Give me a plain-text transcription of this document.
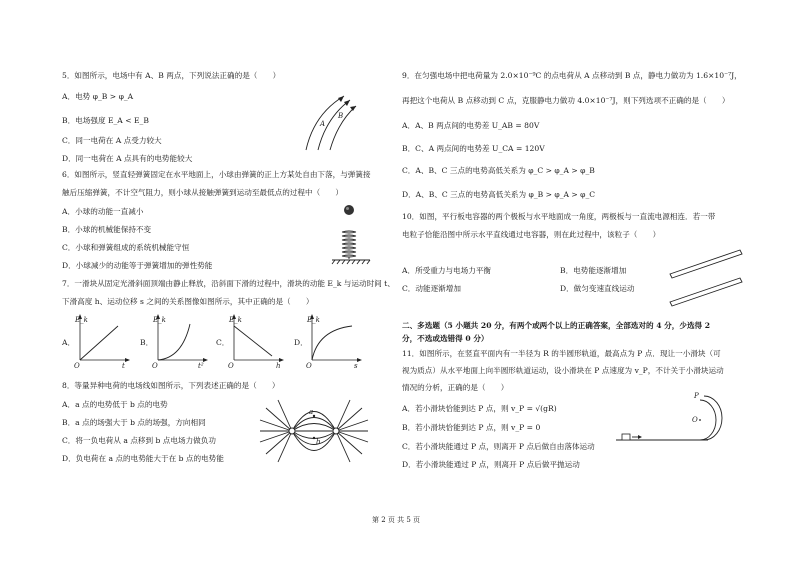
5．如图所示，电场中有 A、B 两点，下列说法正确的是（　　）
A．电势 φ_B > φ_A
B．电场强度 E_A < E_B
C．同一电荷在 A 点受力较大
D．同一电荷在 A 点具有的电势能较大
A
B
6．如图所示，竖直轻弹簧固定在水平地面上，小球由弹簧的正上方某处自由下落，与弹簧接
触后压缩弹簧，不计空气阻力，则小球从接触弹簧到运动至最低点的过程中（　　）
A．小球的动能一直减小
B．小球的机械能保持不变
C．小球和弹簧组成的系统机械能守恒
D．小球减少的动能等于弹簧增加的弹性势能
7．一滑块从固定光滑斜面顶端由静止释放，沿斜面下滑的过程中，滑块的动能 E_k 与运动时间 t、
下滑高度 h、运动位移 s 之间的关系图像如图所示，其中正确的是（　　）
A．
E_k
O	t
B．
E_k
O	t²
C．
E_k
O	h
D．
E_k
O	s
8．等量异种电荷的电场线如图所示，下列表述正确的是（　　）
A．a 点的电势低于 b 点的电势
B．a 点的场强大于 b 点的场强，方向相同
C．将一负电荷从 a 点移到 b 点电场力做负功
D．负电荷在 a 点的电势能大于在 b 点的电势能
a
b
9．在匀强电场中把电荷量为 2.0×10⁻⁹C 的点电荷从 A 点移动到 B 点，静电力做功为 1.6×10⁻⁷J，
再把这个电荷从 B 点移动到 C 点，克服静电力做功 4.0×10⁻⁷J，则下列选项不正确的是（　　）
A．A、B 两点间的电势差 U_AB = 80V
B．C、A 两点间的电势差 U_CA = 120V
C．A、B、C 三点的电势高低关系为 φ_C > φ_A > φ_B
D．A、B、C 三点的电势高低关系为 φ_B > φ_A > φ_C
10．如图，平行板电容器的两个极板与水平地面成一角度，两极板与一直流电源相连．若一带
电粒子恰能沿图中所示水平直线通过电容器，则在此过程中，该粒子（　　）
A．所受重力与电场力平衡	B．电势能逐渐增加
C．动能逐渐增加	D．做匀变速直线运动
二、多选题（5 小题共 20 分，有两个或两个以上的正确答案，全部选对的 4 分，少选得 2
分，不选或选错得 0 分）
11．如图所示，在竖直平面内有一半径为 R 的半圆形轨道，最高点为 P 点．现让一小滑块（可
视为质点）从水平地面上向半圆形轨道运动，设小滑块在 P 点速度为 v_P，不计关于小滑块运动
情况的分析，正确的是（　　）
A．若小滑块恰能到达 P 点，则 v_P = √(gR)
B．若小滑块恰能到达 P 点，则 v_P = 0
C．若小滑块能通过 P 点，则离开 P 点后做自由落体运动
D．若小滑块能通过 P 点，则离开 P 点后做平抛运动
P
O
第 2 页 共 5 页
